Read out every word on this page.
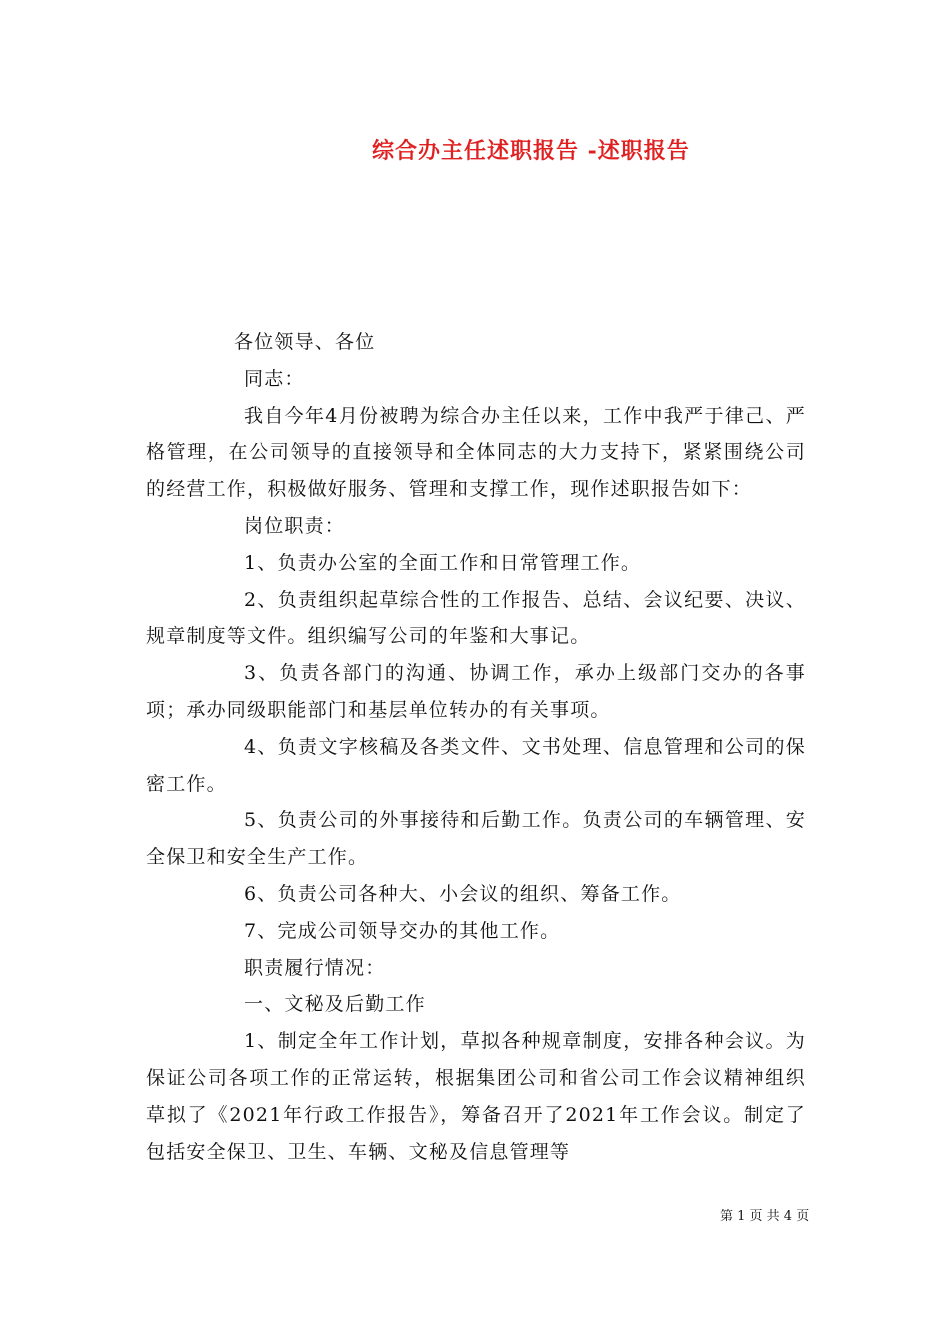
综合办主任述职报告 -述职报告

各位领导、各位

同志：

我自今年4月份被聘为综合办主任以来，工作中我严于律己、严格管理，在公司领导的直接领导和全体同志的大力支持下，紧紧围绕公司的经营工作，积极做好服务、管理和支撑工作，现作述职报告如下：

岗位职责：

1、负责办公室的全面工作和日常管理工作。

2、负责组织起草综合性的工作报告、总结、会议纪要、决议、规章制度等文件。组织编写公司的年鉴和大事记。

3、负责各部门的沟通、协调工作，承办上级部门交办的各事项；承办同级职能部门和基层单位转办的有关事项。

4、负责文字核稿及各类文件、文书处理、信息管理和公司的保密工作。

5、负责公司的外事接待和后勤工作。负责公司的车辆管理、安全保卫和安全生产工作。

6、负责公司各种大、小会议的组织、筹备工作。

7、完成公司领导交办的其他工作。

职责履行情况：

一、文秘及后勤工作

1、制定全年工作计划，草拟各种规章制度，安排各种会议。为保证公司各项工作的正常运转，根据集团公司和省公司工作会议精神组织草拟了《2021年行政工作报告》，筹备召开了2021年工作会议。制定了包括安全保卫、卫生、车辆、文秘及信息管理等

第 1 页 共 4 页
